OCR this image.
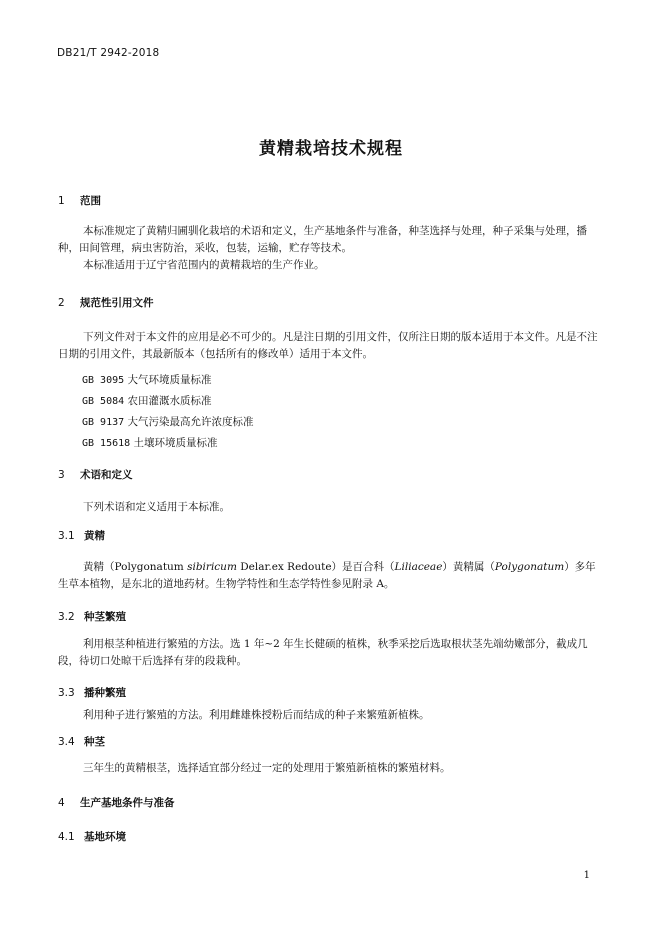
DB21/T 2942-2018
黄精栽培技术规程
1 范围

本标准规定了黄精归圃驯化栽培的术语和定义，生产基地条件与准备，种茎选择与处理，种子采集与处理，播种，田间管理，病虫害防治，采收，包装，运输，贮存等技术。

本标准适用于辽宁省范围内的黄精栽培的生产作业。

2 规范性引用文件

下列文件对于本文件的应用是必不可少的。凡是注日期的引用文件，仅所注日期的版本适用于本文件。凡是不注日期的引用文件，其最新版本（包括所有的修改单）适用于本文件。

GB 3095 大气环境质量标准
GB 5084 农田灌溉水质标准
GB 9137 大气污染最高允许浓度标准
GB 15618 土壤环境质量标准
3 术语和定义

下列术语和定义适用于本标准。

3.1 黄精

黄精（Polygonatum sibiricum Delar.ex Redoute）是百合科（Liliaceae）黄精属（Polygonatum）多年生草本植物，是东北的道地药材。生物学特性和生态学特性参见附录 A。

3.2 种茎繁殖

利用根茎种植进行繁殖的方法。选 1 年~2 年生长健硕的植株，秋季采挖后选取根状茎先端幼嫩部分，截成几段，待切口处晾干后选择有芽的段栽种。

3.3 播种繁殖

利用种子进行繁殖的方法。利用雌雄株授粉后而结成的种子来繁殖新植株。

3.4 种茎

三年生的黄精根茎，选择适宜部分经过一定的处理用于繁殖新植株的繁殖材料。

4 生产基地条件与准备
4.1 基地环境
1
